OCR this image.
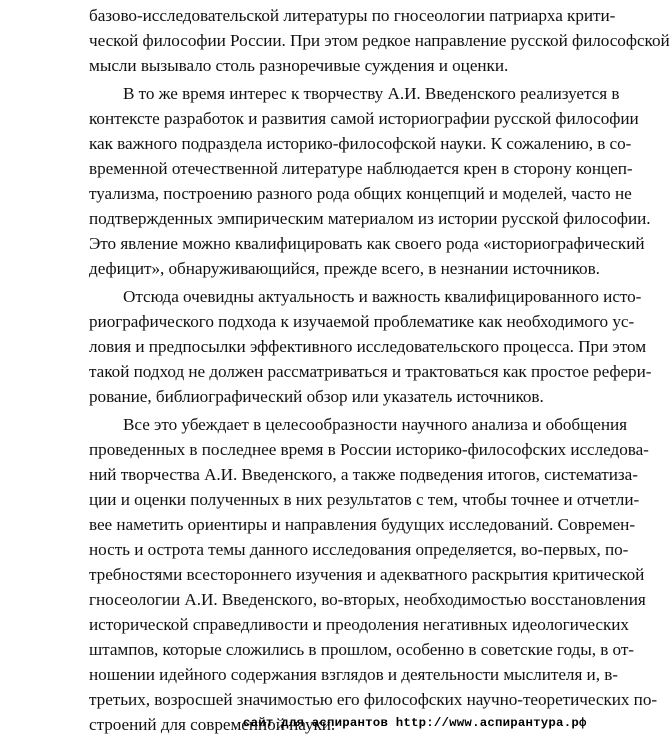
базово-исследовательской литературы по гносеологии патриарха крити-
ческой философии России. При этом редкое направление русской философской
мысли вызывало столь разноречивые суждения и оценки.
В то же время интерес к творчеству А.И. Введенского реализуется в
контексте разработок и развития самой историографии русской философии
как важного подраздела историко-философской науки. К сожалению, в со-
временной отечественной литературе наблюдается крен в сторону концеп-
туализма, построению разного рода общих концепций и моделей, часто не
подтвержденных эмпирическим материалом из истории русской философии.
Это явление можно квалифицировать как своего рода «историографический
дефицит», обнаруживающийся, прежде всего, в незнании источников.
Отсюда очевидны актуальность и важность квалифицированного исто-
риографического подхода к изучаемой проблематике как необходимого ус-
ловия и предпосылки эффективного исследовательского процесса. При этом
такой подход не должен рассматриваться и трактоваться как простое рефери-
рование, библиографический обзор или указатель источников.
Все это убеждает в целесообразности научного анализа и обобщения
проведенных в последнее время в России историко-философских исследова-
ний творчества А.И. Введенского, а также подведения итогов, систематиза-
ции и оценки полученных в них результатов с тем, чтобы точнее и отчетли-
вее наметить ориентиры и направления будущих исследований. Современ-
ность и острота темы данного исследования определяется, во-первых, по-
требностями всестороннего изучения и адекватного раскрытия критической
гносеологии А.И. Введенского, во-вторых, необходимостью восстановления
исторической справедливости и преодоления негативных идеологических
штампов, которые сложились в прошлом, особенно в советские годы, в от-
ношении идейного содержания взглядов и деятельности мыслителя и, в-
третьих, возросшей значимостью его философских научно-теоретических по-
строений для современной науки.
сайт для аспирантов http://www.аспирантура.рф
